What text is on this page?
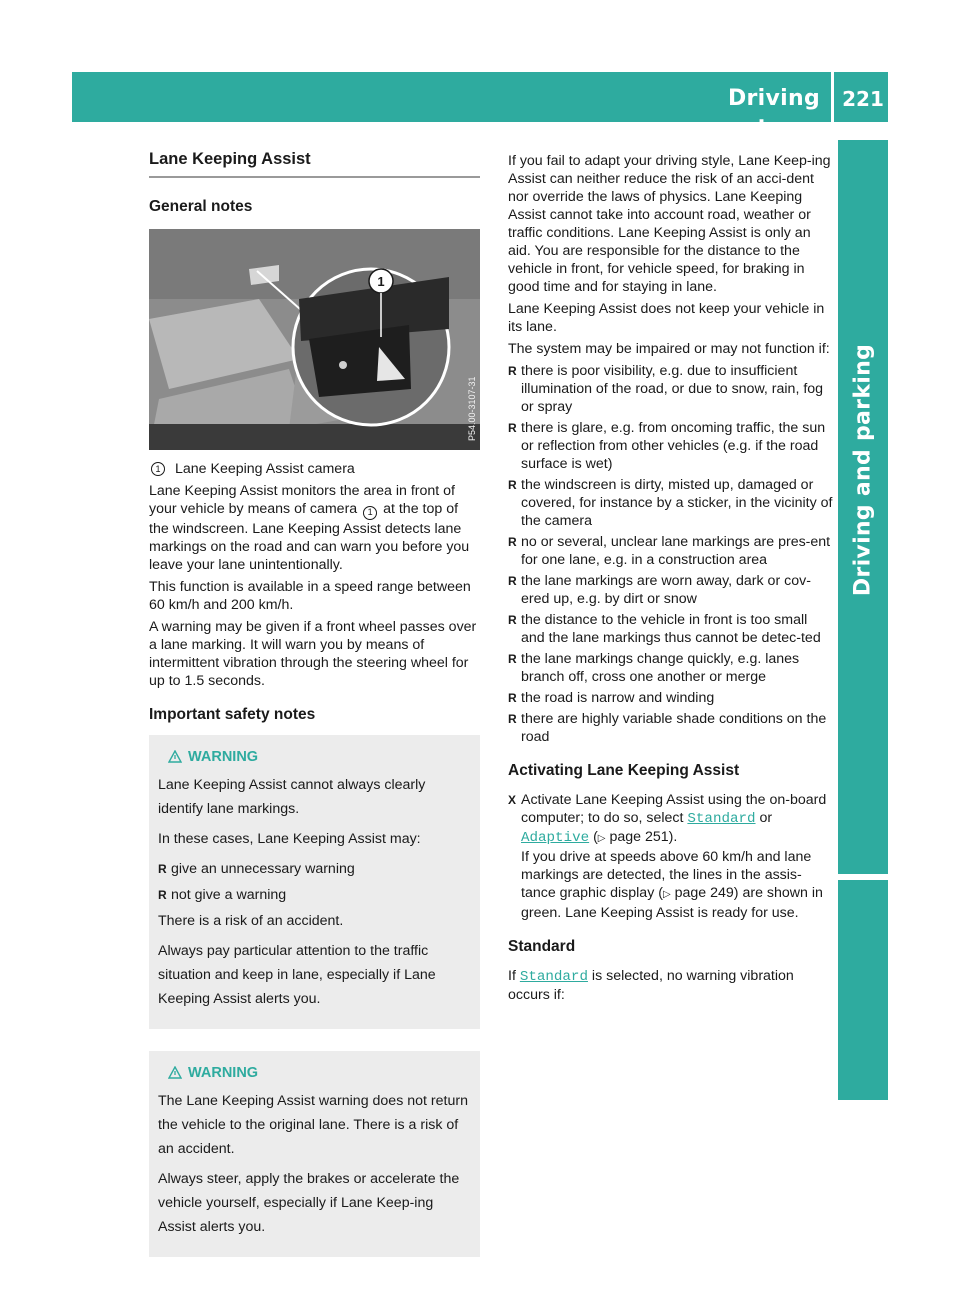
Driving systems
221
Driving and parking
Lane Keeping Assist
General notes
1
P54.00-3107-31
1	Lane Keeping Assist camera

Lane Keeping Assist monitors the area in front of your vehicle by means of camera 1 at the top of the windscreen. Lane Keeping Assist detects lane markings on the road and can warn you before you leave your lane unintentionally.

This function is available in a speed range between 60 km/h and 200 km/h.

A warning may be given if a front wheel passes over a lane marking. It will warn you by means of intermittent vibration through the steering wheel for up to 1.5 seconds.

Important safety notes
WARNING

Lane Keeping Assist cannot always clearly identify lane markings.

In these cases, Lane Keeping Assist may:

R give an unnecessary warning
R not give a warning

There is a risk of an accident.

Always pay particular attention to the traffic situation and keep in lane, especially if Lane Keeping Assist alerts you.

WARNING

The Lane Keeping Assist warning does not return the vehicle to the original lane. There is a risk of an accident.

Always steer, apply the brakes or accelerate the vehicle yourself, especially if Lane Keep-ing Assist alerts you.

If you fail to adapt your driving style, Lane Keep-ing Assist can neither reduce the risk of an acci-dent nor override the laws of physics. Lane Keeping Assist cannot take into account road, weather or traffic conditions. Lane Keeping Assist is only an aid. You are responsible for the distance to the vehicle in front, for vehicle speed, for braking in good time and for staying in lane.

Lane Keeping Assist does not keep your vehicle in its lane.

The system may be impaired or may not function if:

R there is poor visibility, e.g. due to insufficient illumination of the road, or due to snow, rain, fog or spray
R there is glare, e.g. from oncoming traffic, the sun or reflection from other vehicles (e.g. if the road surface is wet)
R the windscreen is dirty, misted up, damaged or covered, for instance by a sticker, in the vicinity of the camera
R no or several, unclear lane markings are pres-ent for one lane, e.g. in a construction area
R the lane markings are worn away, dark or cov-ered up, e.g. by dirt or snow
R the distance to the vehicle in front is too small and the lane markings thus cannot be detec-ted
R the lane markings change quickly, e.g. lanes branch off, cross one another or merge
R the road is narrow and winding
R there are highly variable shade conditions on the road
Activating Lane Keeping Assist
X Activate Lane Keeping Assist using the on-board computer; to do so, select Standard or Adaptive (▷ page 251).
If you drive at speeds above 60 km/h and lane markings are detected, the lines in the assis-tance graphic display (▷ page 249) are shown in green. Lane Keeping Assist is ready for use.
Standard

If Standard is selected, no warning vibration occurs if:
